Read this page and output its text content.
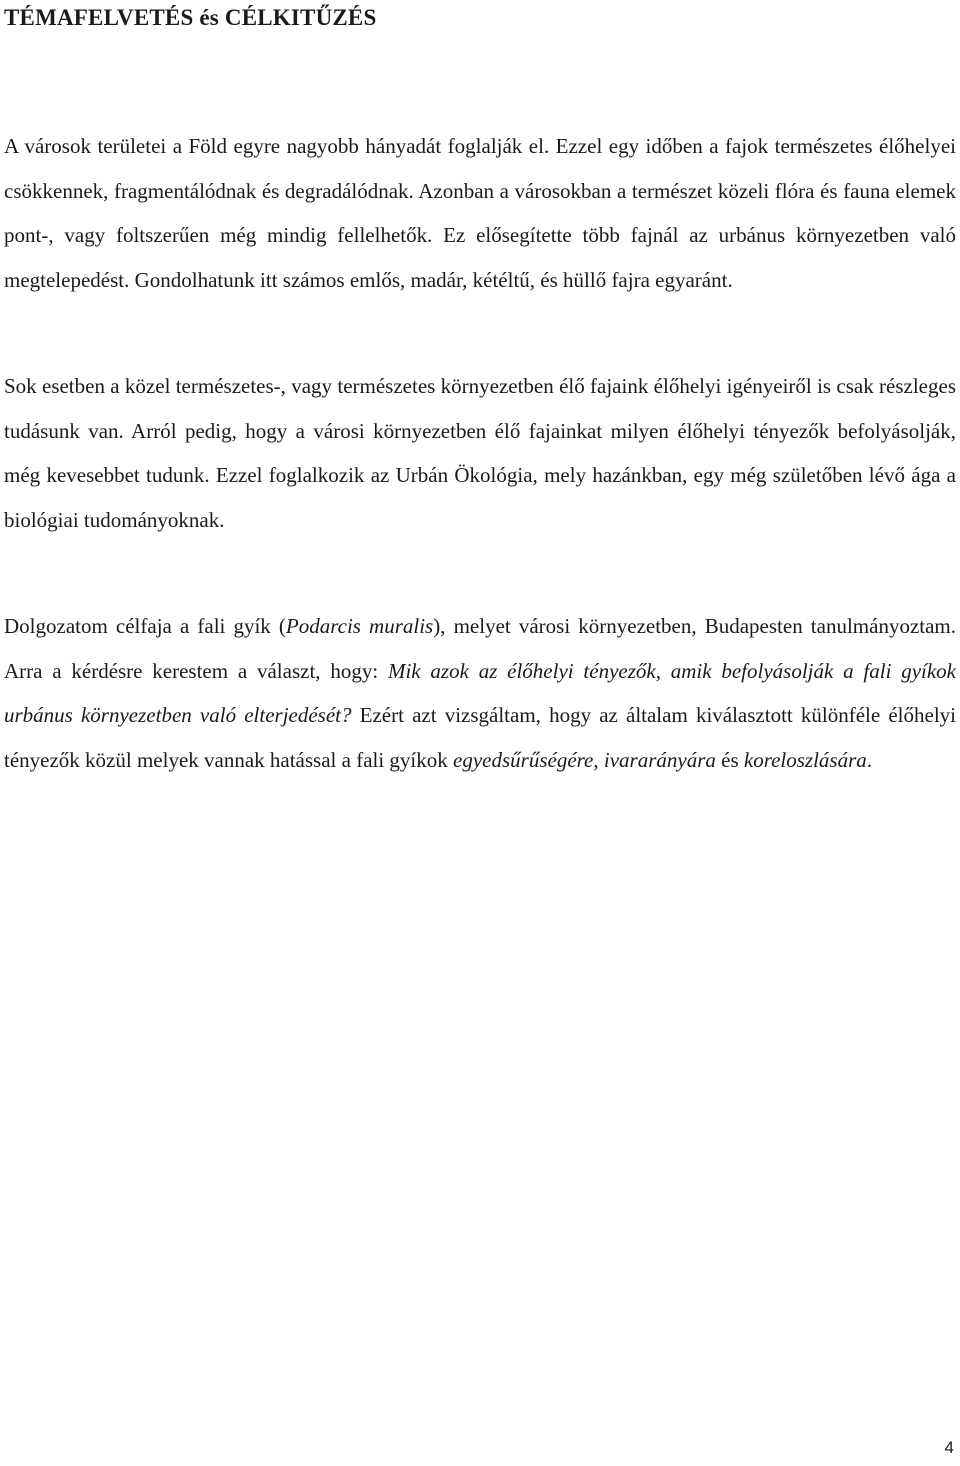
TÉMAFELVETÉS és CÉLKITŰZÉS

A városok területei a Föld egyre nagyobb hányadát foglalják el. Ezzel egy időben a fajok természetes élőhelyei csökkennek, fragmentálódnak és degradálódnak. Azonban a városokban a természet közeli flóra és fauna elemek pont-, vagy foltszerűen még mindig fellelhetők. Ez elősegítette több fajnál az urbánus környezetben való megtelepedést. Gondolhatunk itt számos emlős, madár, kétéltű, és hüllő fajra egyaránt.

Sok esetben a közel természetes-, vagy természetes környezetben élő fajaink élőhelyi igényeiről is csak részleges tudásunk van. Arról pedig, hogy a városi környezetben élő fajainkat milyen élőhelyi tényezők befolyásolják, még kevesebbet tudunk. Ezzel foglalkozik az Urbán Ökológia, mely hazánkban, egy még születőben lévő ága a biológiai tudományoknak.

Dolgozatom célfaja a fali gyík (Podarcis muralis), melyet városi környezetben, Budapesten tanulmányoztam. Arra a kérdésre kerestem a választ, hogy: Mik azok az élőhelyi tényezők, amik befolyásolják a fali gyíkok urbánus környezetben való elterjedését? Ezért azt vizsgáltam, hogy az általam kiválasztott különféle élőhelyi tényezők közül melyek vannak hatással a fali gyíkok egyedsűrűségére, ivararányára és koreloszlására.

4
